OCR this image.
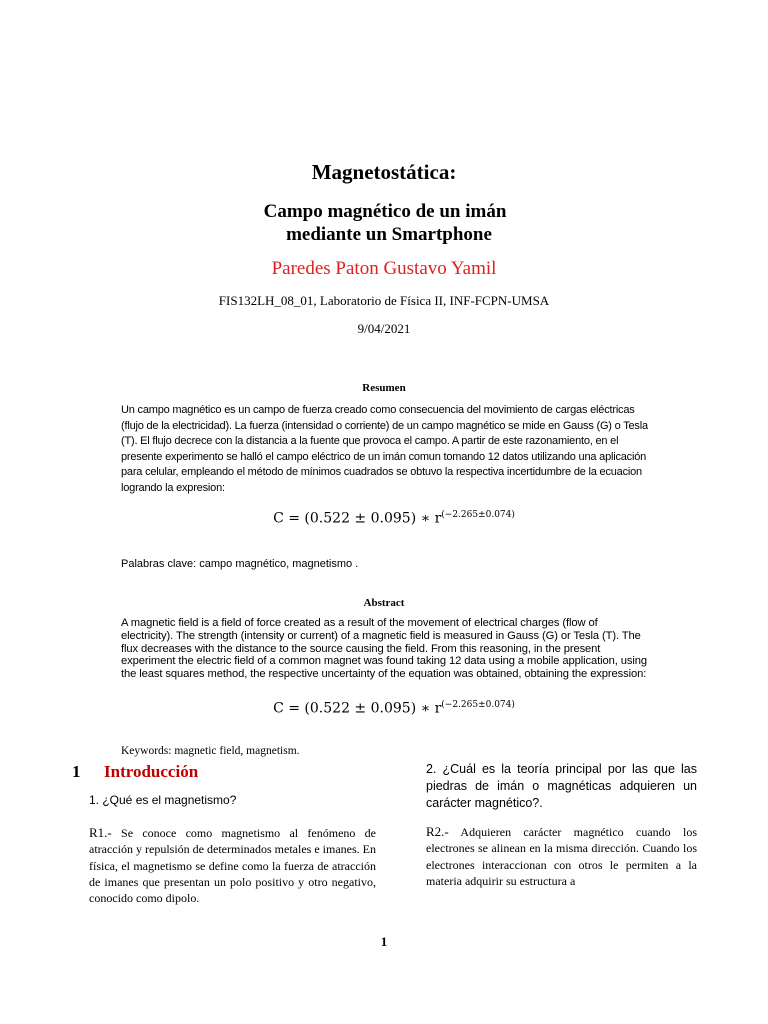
Magnetostática:
Campo magnético de un imán
mediante un Smartphone
Paredes Paton Gustavo Yamil
FIS132LH_08_01, Laboratorio de Física II, INF-FCPN-UMSA
9/04/2021
Resumen
Un campo magnético es un campo de fuerza creado como consecuencia del movimiento de cargas eléctricas (flujo de la electricidad). La fuerza (intensidad o corriente) de un campo magnético se mide en Gauss (G) o Tesla (T). El flujo decrece con la distancia a la fuente que provoca el campo. A partir de este razonamiento, en el presente experimento se halló el campo eléctrico de un imán comun tomando 12 datos utilizando una aplicación para celular, empleando el método de mínimos cuadrados se obtuvo la respectiva incertidumbre de la ecuacion logrando la expresion:
C = (0.522 ± 0.095) ∗ $r^{(-2.265\pm 0.074)}$
Palabras clave: campo magnético, magnetismo .
Abstract
A magnetic field is a field of force created as a result of the movement of electrical charges (flow of electricity). The strength (intensity or current) of a magnetic field is measured in Gauss (G) or Tesla (T). The flux decreases with the distance to the source causing the field. From this reasoning, in the present experiment the electric field of a common magnet was found taking 12 data using a mobile application, using the least squares method, the respective uncertainty of the equation was obtained, obtaining the expression:
C = (0.522 ± 0.095) ∗ $r^{(-2.265\pm 0.074)}$
Keywords: magnetic field, magnetism.
1 Introducción
1. ¿Qué es el magnetismo?
R1.- Se conoce como magnetismo al fenómeno de atracción y repulsión de determinados metales e imanes. En física, el magnetismo se define como la fuerza de atracción de imanes que presentan un polo positivo y otro negativo, conocido como dipolo.
2. ¿Cuál es la teoría principal por las que las piedras de imán o magnéticas adquieren un carácter magnético?.
R2.- Adquieren carácter magnético cuando los electrones se alinean en la misma dirección. Cuando los electrones interaccionan con otros le permiten a la materia adquirir su estructura a
1
